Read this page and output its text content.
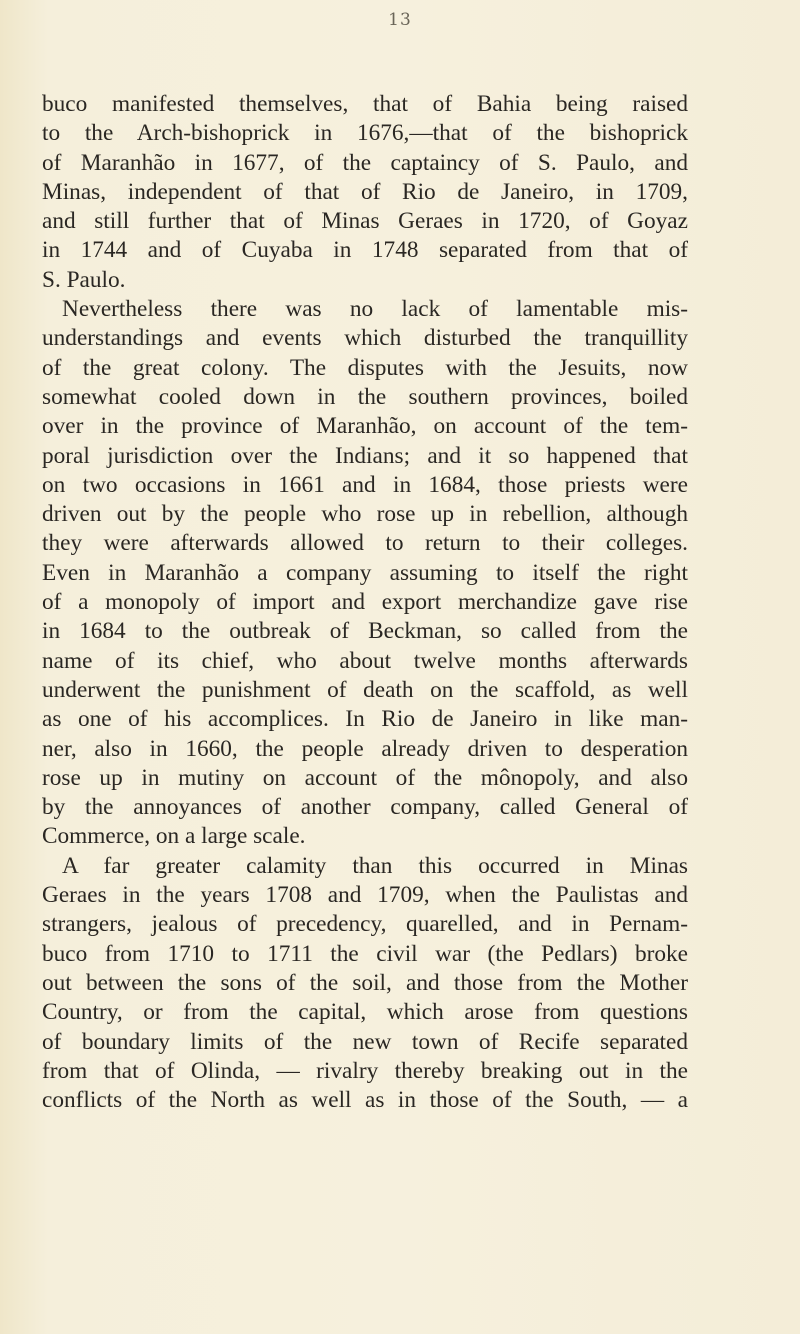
13
buco manifested themselves, that of Bahia being raised
to the Arch-bishoprick in 1676,—that of the bishoprick
of Maranhão in 1677, of the captaincy of S. Paulo, and
Minas, independent of that of Rio de Janeiro, in 1709,
and still further that of Minas Geraes in 1720, of Goyaz
in 1744 and of Cuyaba in 1748 separated from that of
S. Paulo.
Nevertheless there was no lack of lamentable mis-
understandings and events which disturbed the tranquillity
of the great colony. The disputes with the Jesuits, now
somewhat cooled down in the southern provinces, boiled
over in the province of Maranhão, on account of the tem-
poral jurisdiction over the Indians; and it so happened that
on two occasions in 1661 and in 1684, those priests were
driven out by the people who rose up in rebellion, although
they were afterwards allowed to return to their colleges.
Even in Maranhão a company assuming to itself the right
of a monopoly of import and export merchandize gave rise
in 1684 to the outbreak of Beckman, so called from the
name of its chief, who about twelve months afterwards
underwent the punishment of death on the scaffold, as well
as one of his accomplices. In Rio de Janeiro in like man-
ner, also in 1660, the people already driven to desperation
rose up in mutiny on account of the mônopoly, and also
by the annoyances of another company, called General of
Commerce, on a large scale.
A far greater calamity than this occurred in Minas
Geraes in the years 1708 and 1709, when the Paulistas and
strangers, jealous of precedency, quarelled, and in Pernam-
buco from 1710 to 1711 the civil war (the Pedlars) broke
out between the sons of the soil, and those from the Mother
Country, or from the capital, which arose from questions
of boundary limits of the new town of Recife separated
from that of Olinda, — rivalry thereby breaking out in the
conflicts of the North as well as in those of the South, — a
